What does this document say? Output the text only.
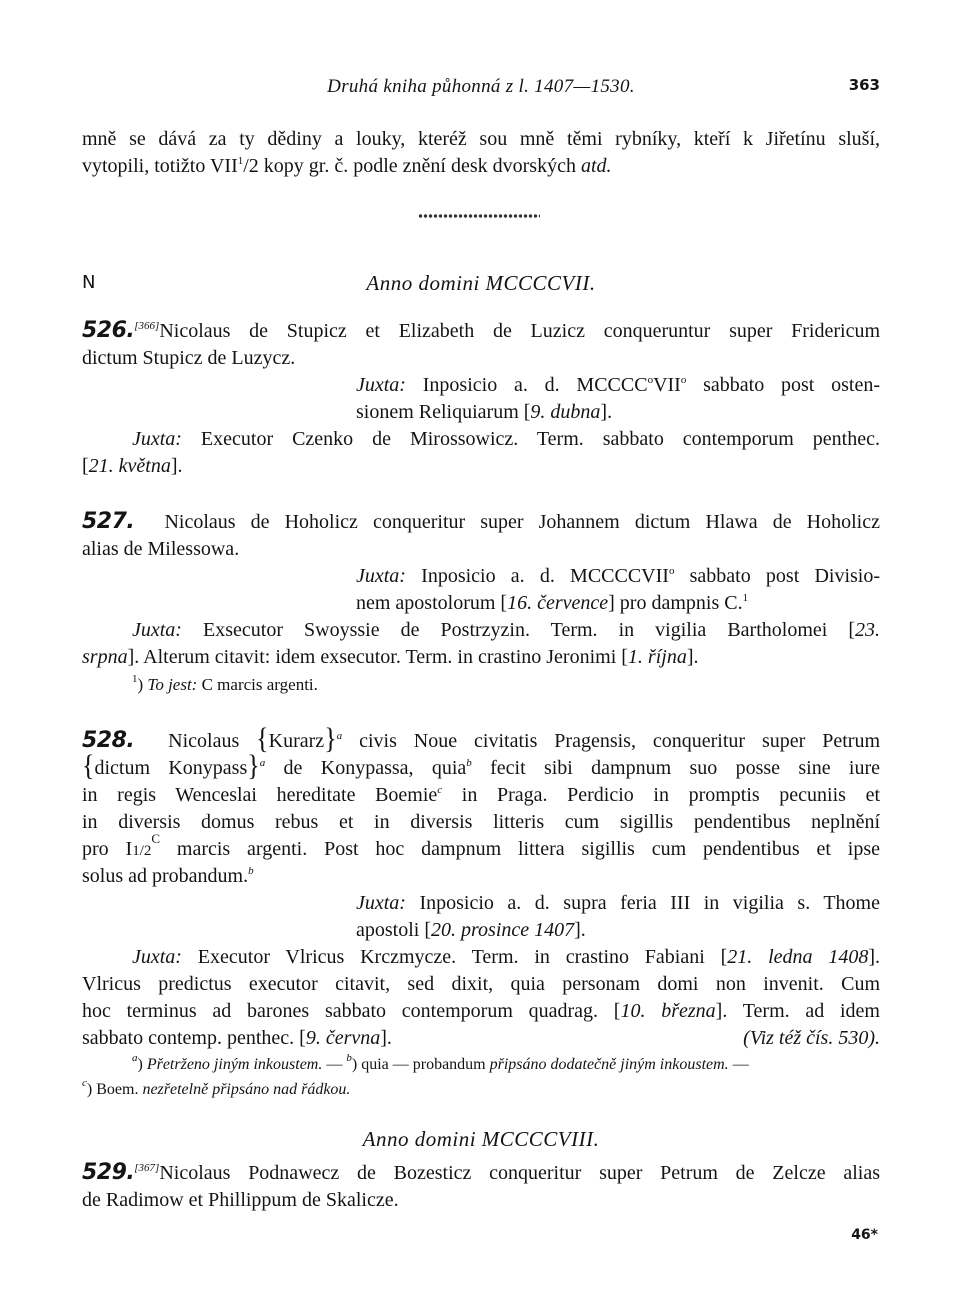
Druhá kniha půhonná z l. 1407—1530.	363
mně se dává za ty dědiny a louky, kteréž sou mně těmi rybníky, kteří k Jiřetínu sluší,
vytopili, totižto VII$^1$/2 kopy gr. č. podle znění desk dvorských atd.
N	Anno domini MCCCCVII.
526.[366]Nicolaus de Stupicz et Elizabeth de Luzicz conqueruntur super Fridericum
dictum Stupicz de Luzycz.
Juxta: Inposicio a. d. MCCCC$^o$VII$^o$ sabbato post osten-
sionem Reliquiarum [9. dubna].
Juxta: Executor Czenko de Mirossowicz. Term. sabbato contemporum penthec.
[21. května].
527. Nicolaus de Hoholicz conqueritur super Johannem dictum Hlawa de Hoholicz
alias de Milessowa.
Juxta: Inposicio a. d. MCCCCVII$^o$ sabbato post Divisio-
nem apostolorum [16. července] pro dampnis C.$^1$
Juxta: Exsecutor Swoyssie de Postrzyzin. Term. in vigilia Bartholomei [23.
srpna]. Alterum citavit: idem exsecutor. Term. in crastino Jeronimi [1. října].
$^1$) To jest: C marcis argenti.
528. Nicolaus {Kurarz}$^a$ civis Noue civitatis Pragensis, conqueritur super Petrum
{dictum Konypass}$^a$ de Konypassa, quia$^b$ fecit sibi dampnum suo posse sine iure
in regis Wenceslai hereditate Boemie$^c$ in Praga. Perdicio in promptis pecuniis et
in diversis domus rebus et in diversis litteris cum sigillis pendentibus neplnění
pro $I1/2^C$ marcis argenti. Post hoc dampnum littera sigillis cum pendentibus et ipse
solus ad probandum.$^b$
Juxta: Inposicio a. d. supra feria III in vigilia s. Thome
apostoli [20. prosince 1407].
Juxta: Executor Vlricus Krczmycze. Term. in crastino Fabiani [21. ledna 1408].
Vlricus predictus executor citavit, sed dixit, quia personam domi non invenit. Cum
hoc terminus ad barones sabbato contemporum quadrag. [10. března]. Term. ad idem
sabbato contemp. penthec. [9. června].	(Viz též čís. 530).
$^a$) Přetrženo jiným inkoustem. — $^b$) quia — probandum připsáno dodatečně jiným inkoustem. —
$^c$) Boem. nezřetelně připsáno nad řádkou.
Anno domini MCCCCVIII.
529.[367]Nicolaus Podnawecz de Bozesticz conqueritur super Petrum de Zelcze alias
de Radimow et Phillippum de Skalicze.
46*
